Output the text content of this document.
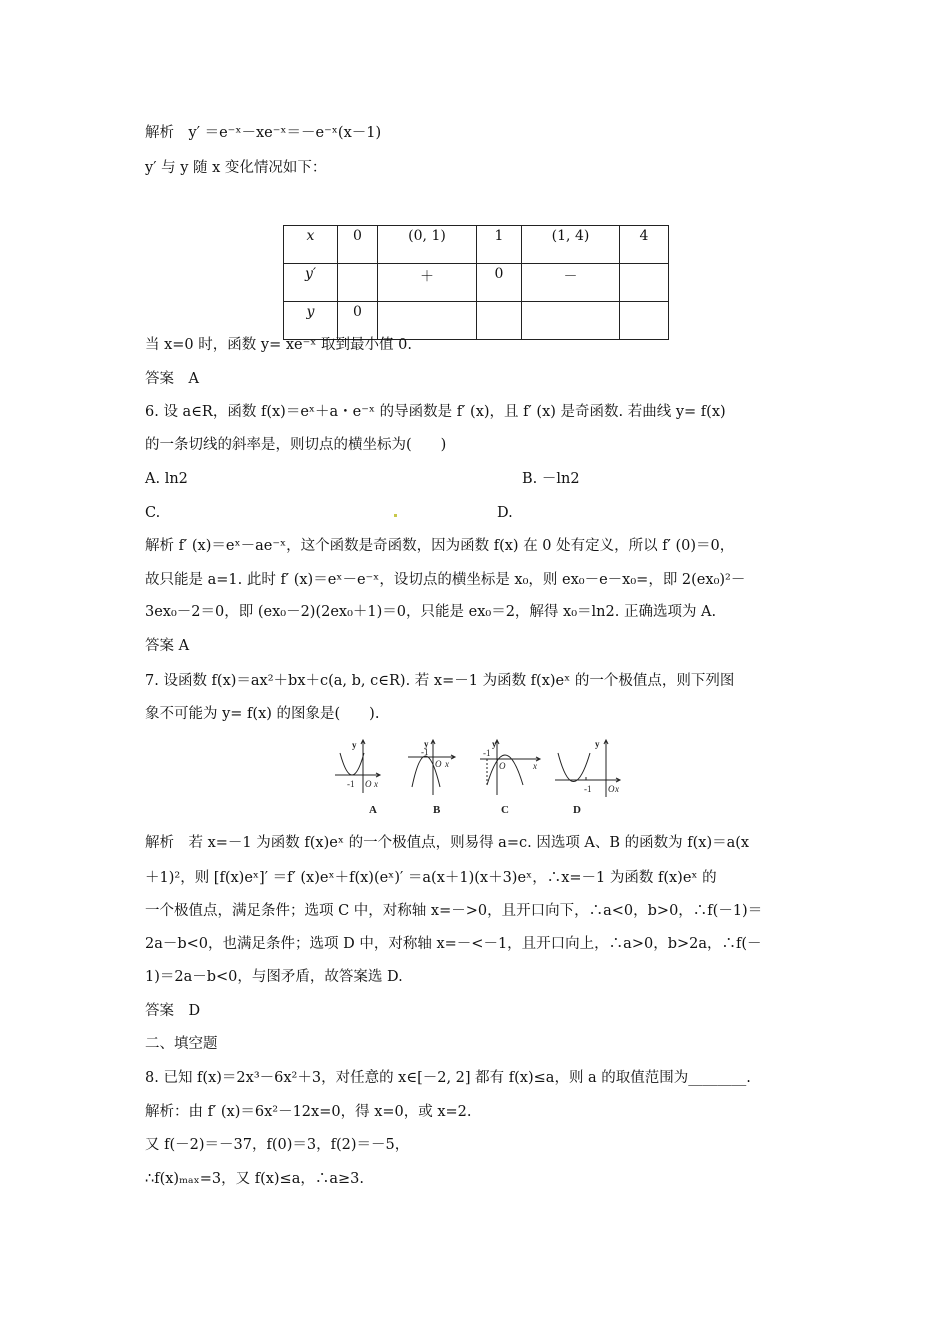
解析　y′ ＝e⁻ˣ－xe⁻ˣ＝－e⁻ˣ(x－1)
y′ 与 y 随 x 变化情况如下：
x	0	(0, 1)	1	(1, 4)	4
y′		＋	0	－	
y	0				
当 x=0 时，函数 y= xe⁻ˣ 取到最小值 0.
答案　A
6. 设 a∈R，函数 f(x)＝eˣ＋a・e⁻ˣ 的导函数是 f′ (x)，且 f′ (x) 是奇函数. 若曲线 y= f(x)
的一条切线的斜率是，则切点的横坐标为(　　)
A. ln2	B. －ln2
C.	D.
解析 f′ (x)＝eˣ－ae⁻ˣ，这个函数是奇函数，因为函数 f(x) 在 0 处有定义，所以 f′ (0)＝0，
故只能是 a=1. 此时 f′ (x)＝eˣ－e⁻ˣ，设切点的横坐标是 x₀，则 ex₀－e－x₀=，即 2(ex₀)²－
3ex₀－2＝0，即 (ex₀－2)(2ex₀＋1)＝0，只能是 ex₀＝2，解得 x₀＝ln2. 正确选项为 A.
答案 A
7. 设函数 f(x)＝ax²＋bx＋c(a, b, c∈R). 若 x=－1 为函数 f(x)eˣ 的一个极值点，则下列图
象不可能为 y= f(x) 的图象是(　　).
y
x
O
-1
A
y
-1
O x
B
y
-1
O	x
C
y
-1 O x
D
解析　若 x=－1 为函数 f(x)eˣ 的一个极值点，则易得 a=c. 因选项 A、B 的函数为 f(x)＝a(x
＋1)²，则 [f(x)eˣ]′ ＝f′ (x)eˣ＋f(x)(eˣ)′ ＝a(x＋1)(x＋3)eˣ，∴x=－1 为函数 f(x)eˣ 的
一个极值点，满足条件；选项 C 中，对称轴 x=－>0，且开口向下，∴a<0，b>0，∴f(－1)＝
2a－b<0，也满足条件；选项 D 中，对称轴 x=－<－1，且开口向上，∴a>0，b>2a，∴f(－
1)＝2a－b<0，与图矛盾，故答案选 D.
答案　D
二、填空题
8. 已知 f(x)＝2x³－6x²＋3，对任意的 x∈[－2, 2] 都有 f(x)≤a，则 a 的取值范围为________.
解析：由 f′ (x)＝6x²－12x=0，得 x=0，或 x=2.
又 f(－2)＝－37，f(0)＝3，f(2)＝－5，
∴f(x)ₘₐₓ=3，又 f(x)≤a，∴a≥3.
